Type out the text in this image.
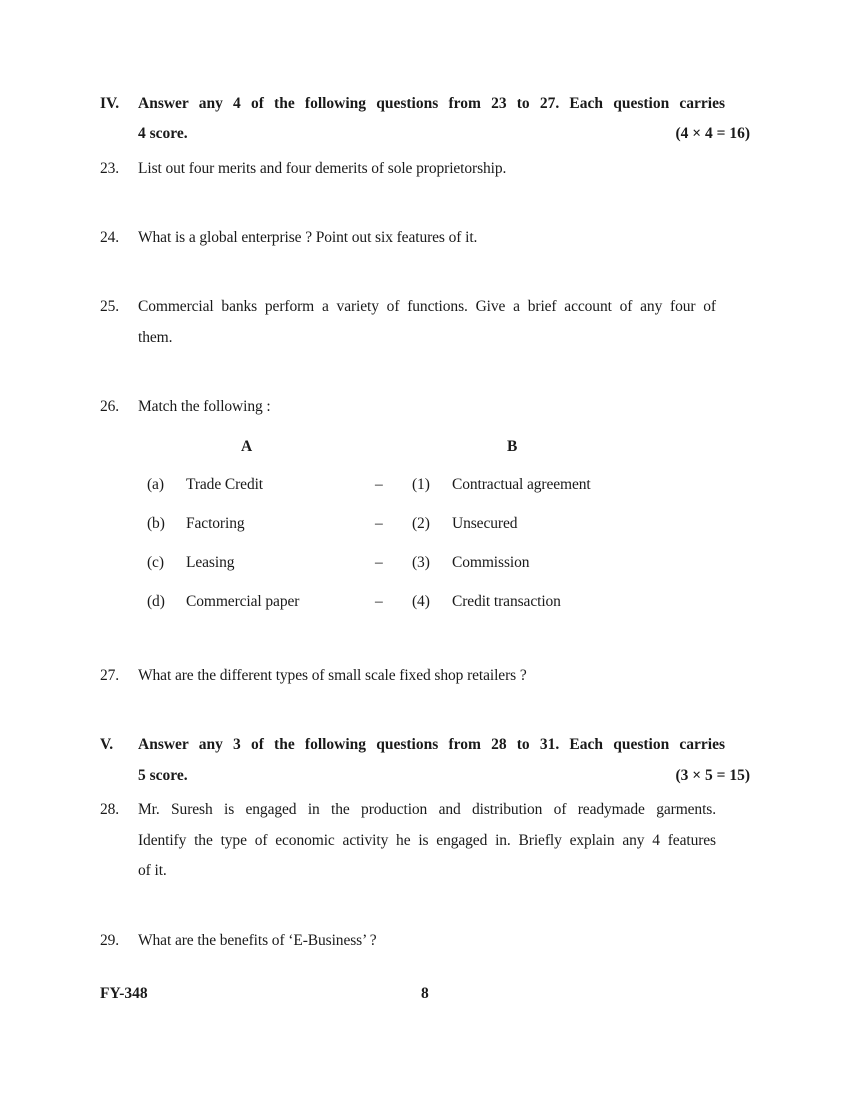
IV. Answer any 4 of the following questions from 23 to 27. Each question carries
4 score.	(4 × 4 = 16)
23. List out four merits and four demerits of sole proprietorship.
24. What is a global enterprise ? Point out six features of it.
25. Commercial banks perform a variety of functions. Give a brief account of any four of
them.
26. Match the following :
A	B
(a) Trade Credit	– (1) Contractual agreement
(b) Factoring	– (2) Unsecured
(c) Leasing	– (3) Commission
(d) Commercial paper	– (4) Credit transaction
27. What are the different types of small scale fixed shop retailers ?
V. Answer any 3 of the following questions from 28 to 31. Each question carries
5 score.	(3 × 5 = 15)
28. Mr. Suresh is engaged in the production and distribution of readymade garments.
Identify the type of economic activity he is engaged in. Briefly explain any 4 features
of it.
29. What are the benefits of ‘E-Business’ ?
FY-348	8
